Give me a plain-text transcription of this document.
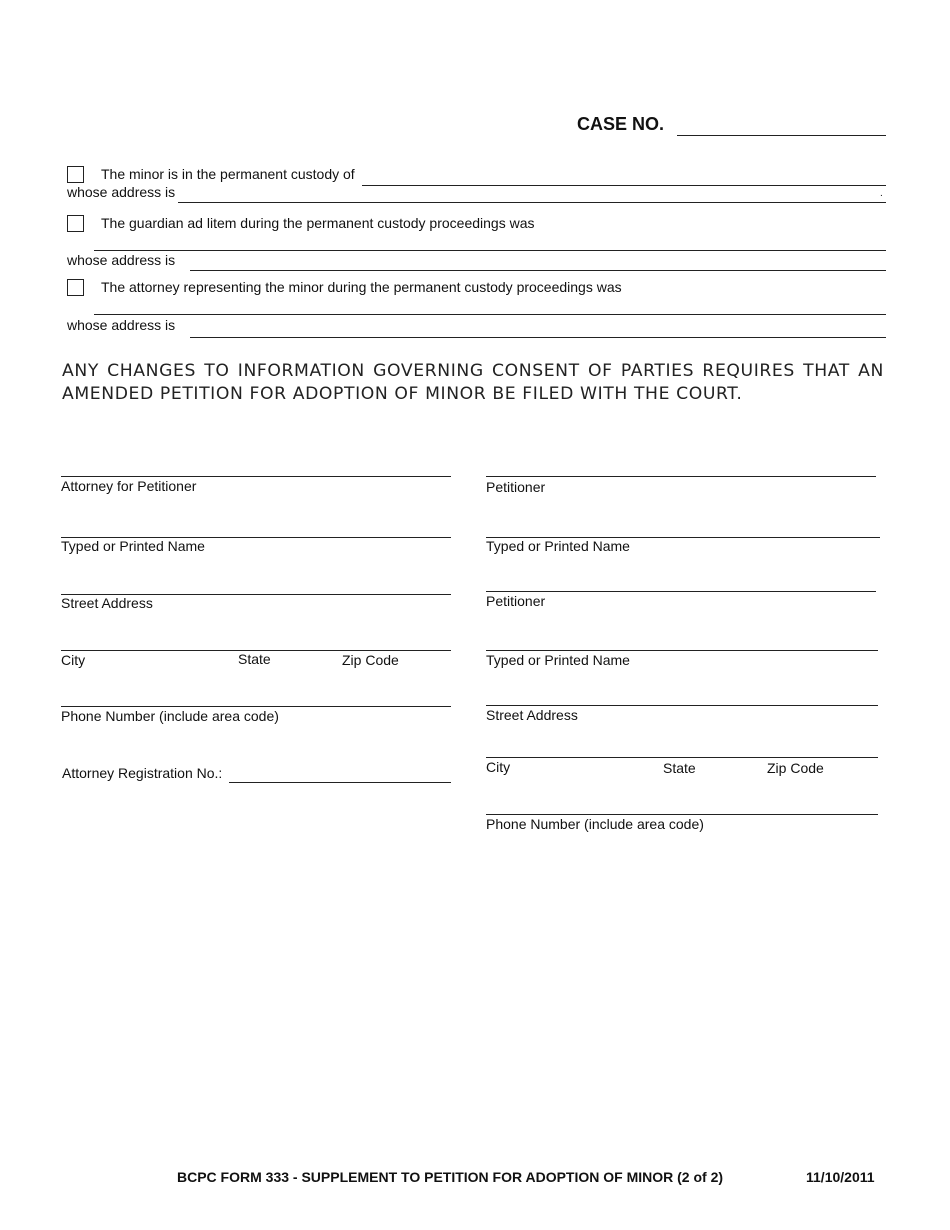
CASE NO.
The minor is in the permanent custody of
whose address is	.
The guardian ad litem during the permanent custody proceedings was
whose address is
The attorney representing the minor during the permanent custody proceedings was
whose address is
ANY CHANGES TO INFORMATION GOVERNING CONSENT OF PARTIES REQUIRES THAT AN AMENDED PETITION FOR ADOPTION OF MINOR BE FILED WITH THE COURT.
Attorney for Petitioner
Typed or Printed Name
Street Address
City	State	Zip Code
Phone Number (include area code)
Attorney Registration No.:
Petitioner
Typed or Printed Name
Petitioner
Typed or Printed Name
Street Address
City	State	Zip Code
Phone Number (include area code)
BCPC FORM 333 - SUPPLEMENT TO PETITION FOR ADOPTION OF MINOR (2 of 2)	11/10/2011
